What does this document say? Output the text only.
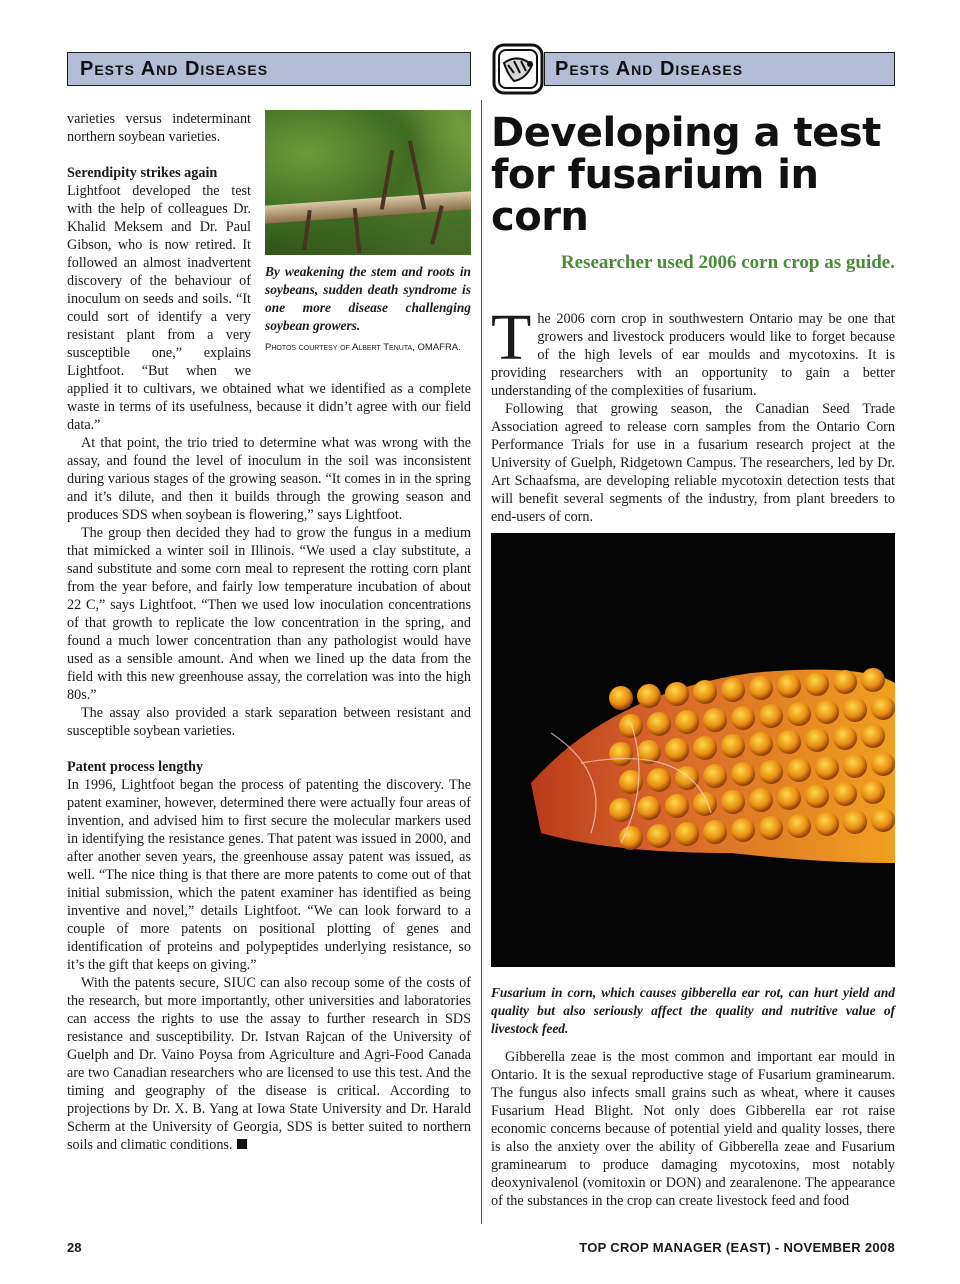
Pests And Diseases	Pests And Diseases
By weakening the stem and roots in soybeans, sudden death syndrome is one more disease challenging soybean growers.
Photos courtesy of Albert Tenuta, OMAFRA.

varieties versus indeterminant northern soybean varieties.

Serendipity strikes again

Lightfoot developed the test with the help of colleagues Dr. Khalid Meksem and Dr. Paul Gibson, who is now retired. It followed an almost inadvertent discovery of the behaviour of inoculum on seeds and soils. “It could sort of identify a very resistant plant from a very susceptible one,” explains Lightfoot. “But when we applied it to cultivars, we obtained what we identified as a complete waste in terms of its usefulness, because it didn’t agree with our field data.”

At that point, the trio tried to determine what was wrong with the assay, and found the level of inoculum in the soil was inconsistent during various stages of the growing season. “It comes in in the spring and it’s dilute, and then it builds through the growing season and produces SDS when soybean is flowering,” says Lightfoot.

The group then decided they had to grow the fungus in a medium that mimicked a winter soil in Illinois. “We used a clay substitute, a sand substitute and some corn meal to represent the rotting corn plant from the year before, and fairly low temperature incubation of about 22 C,” says Lightfoot. “Then we used low inoculation concentrations of that growth to replicate the low concentration in the spring, and found a much lower concentration than any pathologist would have used as a sensible amount. And when we lined up the data from the field with this new greenhouse assay, the correlation was into the high 80s.”

The assay also provided a stark separation between resistant and susceptible soybean varieties.

Patent process lengthy

In 1996, Lightfoot began the process of patenting the discovery. The patent examiner, however, determined there were actually four areas of invention, and advised him to first secure the molecular markers used in identifying the resistance genes. That patent was issued in 2000, and after another seven years, the greenhouse assay patent was issued, as well. “The nice thing is that there are more patents to come out of that initial submission, which the patent examiner has identified as being inventive and novel,” details Lightfoot. “We can look forward to a couple of more patents on positional plotting of genes and identification of proteins and polypeptides underlying resistance, so it’s the gift that keeps on giving.”

With the patents secure, SIUC can also recoup some of the costs of the research, but more importantly, other universities and laboratories can access the rights to use the assay to further research in SDS resistance and susceptibility. Dr. Istvan Rajcan of the University of Guelph and Dr. Vaino Poysa from Agriculture and Agri-Food Canada are two Canadian researchers who are licensed to use this test. And the timing and geography of the disease is critical. According to projections by Dr. X. B. Yang at Iowa State University and Dr. Harald Scherm at the University of Georgia, SDS is better suited to northern soils and climatic conditions.

Developing a test for fusarium in corn
Researcher used 2006 corn crop as guide.

The 2006 corn crop in southwestern Ontario may be one that growers and livestock producers would like to forget because of the high levels of ear moulds and mycotoxins. It is providing researchers with an opportunity to gain a better understanding of the complexities of fusarium.

Following that growing season, the Canadian Seed Trade Association agreed to release corn samples from the Ontario Corn Performance Trials for use in a fusarium research project at the University of Guelph, Ridgetown Campus. The researchers, led by Dr. Art Schaafsma, are developing reliable mycotoxin detection tests that will benefit several segments of the industry, from plant breeders to end-users of corn.

Fusarium in corn, which causes gibberella ear rot, can hurt yield and quality but also seriously affect the quality and nutritive value of livestock feed.

Gibberella zeae is the most common and important ear mould in Ontario. It is the sexual reproductive stage of Fusarium graminearum. The fungus also infects small grains such as wheat, where it causes Fusarium Head Blight. Not only does Gibberella ear rot raise economic concerns because of potential yield and quality losses, there is also the anxiety over the ability of Gibberella zeae and Fusarium graminearum to produce damaging mycotoxins, most notably deoxynivalenol (vomitoxin or DON) and zearalenone. The appearance of the substances in the crop can create livestock feed and food

28	TOP CROP MANAGER (EAST) - NOVEMBER 2008
